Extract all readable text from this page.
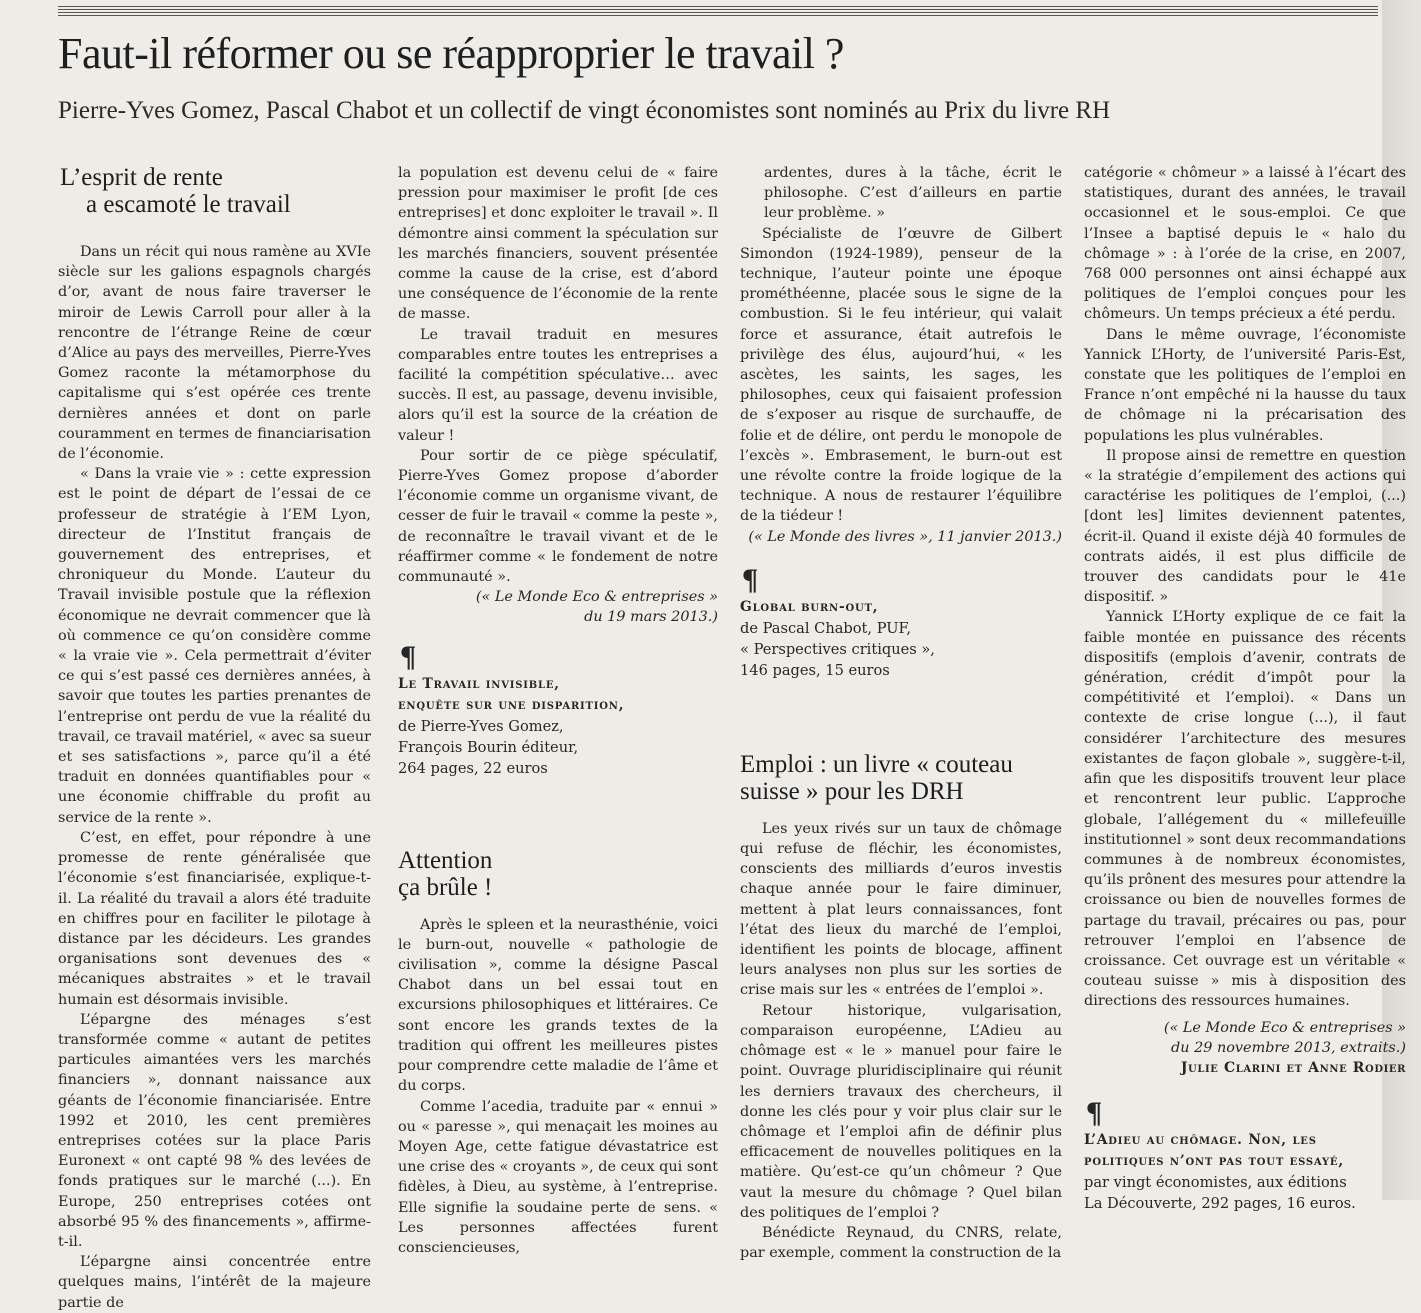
Faut-il réformer ou se réapproprier le travail ?
Pierre-Yves Gomez, Pascal Chabot et un collectif de vingt économistes sont nominés au Prix du livre RH
L’esprit de rente
a escamoté le travail

Dans un récit qui nous ramène au XVIe siècle sur les galions espagnols chargés d’or, avant de nous faire traverser le miroir de Lewis Carroll pour aller à la rencontre de l’étrange Reine de cœur d’Alice au pays des merveilles, Pierre-Yves Gomez raconte la métamorphose du capitalisme qui s’est opérée ces trente dernières années et dont on parle couramment en termes de financiarisation de l’économie.

« Dans la vraie vie » : cette expression est le point de départ de l’essai de ce professeur de stratégie à l’EM Lyon, directeur de l’Institut français de gouvernement des entreprises, et chroniqueur du Monde. L’auteur du Travail invisible postule que la réflexion économique ne devrait commencer que là où commence ce qu’on considère comme « la vraie vie ». Cela permettrait d’éviter ce qui s’est passé ces dernières années, à savoir que toutes les parties prenantes de l’entreprise ont perdu de vue la réalité du travail, ce travail matériel, « avec sa sueur et ses satisfactions », parce qu’il a été traduit en données quantifiables pour « une économie chiffrable du profit au service de la rente ».

C’est, en effet, pour répondre à une promesse de rente généralisée que l’économie s’est financiarisée, explique-t-il. La réalité du travail a alors été traduite en chiffres pour en faciliter le pilotage à distance par les décideurs. Les grandes organisations sont devenues des « mécaniques abstraites » et le travail humain est désormais invisible.

L’épargne des ménages s’est transformée comme « autant de petites particules aimantées vers les marchés financiers », donnant naissance aux géants de l’économie financiarisée. Entre 1992 et 2010, les cent premières entreprises cotées sur la place Paris Euronext « ont capté 98 % des levées de fonds pratiques sur le marché (...). En Europe, 250 entreprises cotées ont absorbé 95 % des financements », affirme-t-il.

L’épargne ainsi concentrée entre quelques mains, l’intérêt de la majeure partie de

la population est devenu celui de « faire pression pour maximiser le profit [de ces entreprises] et donc exploiter le travail ». Il démontre ainsi comment la spéculation sur les marchés financiers, souvent présentée comme la cause de la crise, est d’abord une conséquence de l’économie de la rente de masse.

Le travail traduit en mesures comparables entre toutes les entreprises a facilité la compétition spéculative… avec succès. Il est, au passage, devenu invisible, alors qu’il est la source de la création de valeur !

Pour sortir de ce piège spéculatif, Pierre-Yves Gomez propose d’aborder l’économie comme un organisme vivant, de cesser de fuir le travail « comme la peste », de reconnaître le travail vivant et de le réaffirmer comme « le fondement de notre communauté ».

(« Le Monde Eco & entreprises »

du 19 mars 2013.)

¶
Le Travail invisible,
enquête sur une disparition,
de Pierre-Yves Gomez,
François Bourin éditeur,
264 pages, 22 euros
Attention
ça brûle !

Après le spleen et la neurasthénie, voici le burn-out, nouvelle « pathologie de civilisation », comme la désigne Pascal Chabot dans un bel essai tout en excursions philosophiques et littéraires. Ce sont encore les grands textes de la tradition qui offrent les meilleures pistes pour comprendre cette maladie de l’âme et du corps.

Comme l’acedia, traduite par « ennui » ou « paresse », qui menaçait les moines au Moyen Age, cette fatigue dévastatrice est une crise des « croyants », de ceux qui sont fidèles, à Dieu, au système, à l’entreprise. Elle signifie la soudaine perte de sens. « Les personnes affectées furent consciencieuses,

ardentes, dures à la tâche, écrit le philosophe. C’est d’ailleurs en partie leur problème. »

Spécialiste de l’œuvre de Gilbert Simondon (1924-1989), penseur de la technique, l’auteur pointe une époque prométhéenne, placée sous le signe de la combustion. Si le feu intérieur, qui valait force et assurance, était autrefois le privilège des élus, aujourd’hui, « les ascètes, les saints, les sages, les philosophes, ceux qui faisaient profession de s’exposer au risque de surchauffe, de folie et de délire, ont perdu le monopole de l’excès ». Embrasement, le burn-out est une révolte contre la froide logique de la technique. A nous de restaurer l’équilibre de la tiédeur !

(« Le Monde des livres », 11 janvier 2013.)

¶
Global burn-out,
de Pascal Chabot, PUF,
« Perspectives critiques »,
146 pages, 15 euros
Emploi : un livre « couteau
suisse » pour les DRH

Les yeux rivés sur un taux de chômage qui refuse de fléchir, les économistes, conscients des milliards d’euros investis chaque année pour le faire diminuer, mettent à plat leurs connaissances, font l’état des lieux du marché de l’emploi, identifient les points de blocage, affinent leurs analyses non plus sur les sorties de crise mais sur les « entrées de l’emploi ».

Retour historique, vulgarisation, comparaison européenne, L’Adieu au chômage est « le » manuel pour faire le point. Ouvrage pluridisciplinaire qui réunit les derniers travaux des chercheurs, il donne les clés pour y voir plus clair sur le chômage et l’emploi afin de définir plus efficacement de nouvelles politiques en la matière. Qu’est-ce qu’un chômeur ? Que vaut la mesure du chômage ? Quel bilan des politiques de l’emploi ?

Bénédicte Reynaud, du CNRS, relate, par exemple, comment la construction de la

catégorie « chômeur » a laissé à l’écart des statistiques, durant des années, le travail occasionnel et le sous-emploi. Ce que l’Insee a baptisé depuis le « halo du chômage » : à l’orée de la crise, en 2007, 768 000 personnes ont ainsi échappé aux politiques de l’emploi conçues pour les chômeurs. Un temps précieux a été perdu.

Dans le même ouvrage, l’économiste Yannick L’Horty, de l’université Paris-Est, constate que les politiques de l’emploi en France n’ont empêché ni la hausse du taux de chômage ni la précarisation des populations les plus vulnérables.

Il propose ainsi de remettre en question « la stratégie d’empilement des actions qui caractérise les politiques de l’emploi, (...) [dont les] limites deviennent patentes, écrit-il. Quand il existe déjà 40 formules de contrats aidés, il est plus difficile de trouver des candidats pour le 41e dispositif. »

Yannick L’Horty explique de ce fait la faible montée en puissance des récents dispositifs (emplois d’avenir, contrats de génération, crédit d’impôt pour la compétitivité et l’emploi). « Dans un contexte de crise longue (...), il faut considérer l’architecture des mesures existantes de façon globale », suggère-t-il, afin que les dispositifs trouvent leur place et rencontrent leur public. L’approche globale, l’allégement du « millefeuille institutionnel » sont deux recommandations communes à de nombreux économistes, qu’ils prônent des mesures pour attendre la croissance ou bien de nouvelles formes de partage du travail, précaires ou pas, pour retrouver l’emploi en l’absence de croissance. Cet ouvrage est un véritable « couteau suisse » mis à disposition des directions des ressources humaines.

(« Le Monde Eco & entreprises »

du 29 novembre 2013, extraits.)

Julie Clarini et Anne Rodier
¶
L’Adieu au chômage. Non, les
politiques n’ont pas tout essayé,
par vingt économistes, aux éditions
La Découverte, 292 pages, 16 euros.
